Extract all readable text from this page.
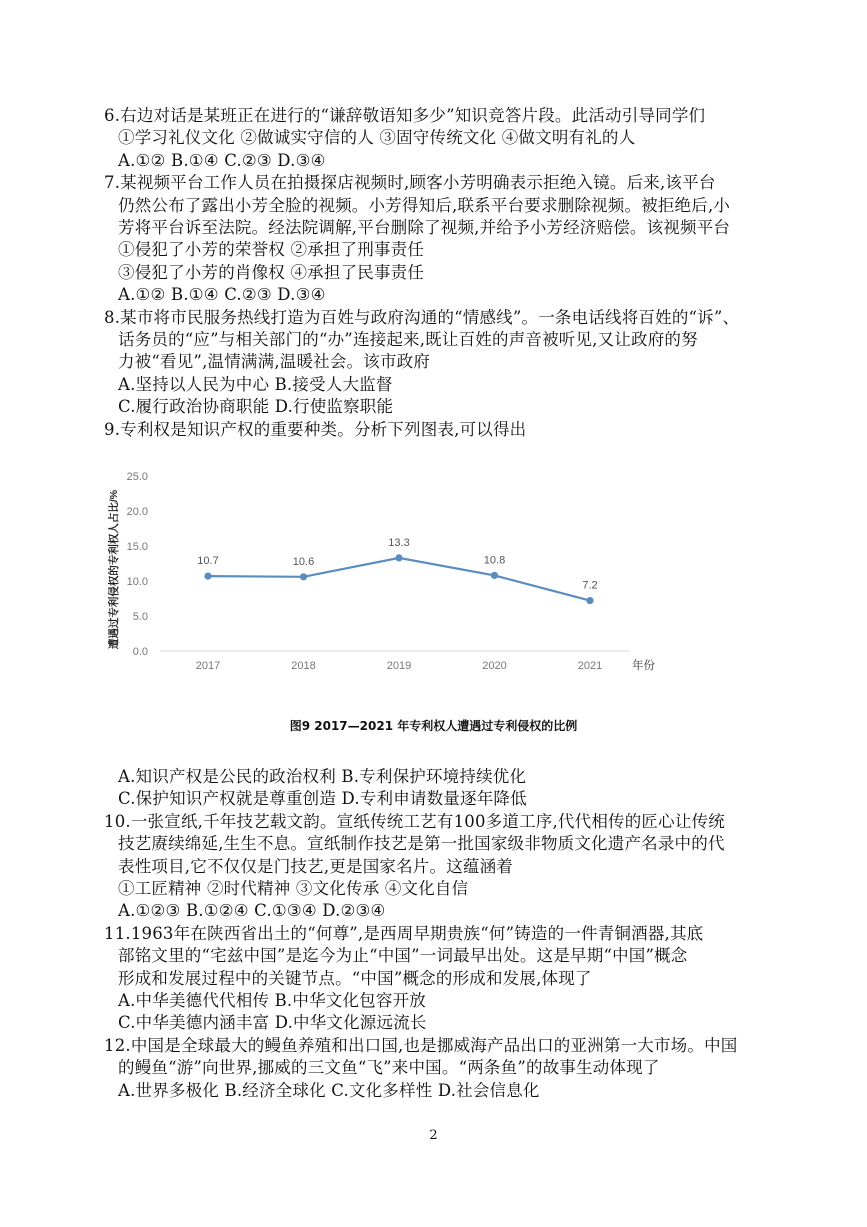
6.右边对话是某班正在进行的“谦辞敬语知多少”知识竞答片段。此活动引导同学们
①学习礼仪文化 ②做诚实守信的人 ③固守传统文化 ④做文明有礼的人
A.①② B.①④ C.②③ D.③④
7.某视频平台工作人员在拍摄探店视频时,顾客小芳明确表示拒绝入镜。后来,该平台
仍然公布了露出小芳全脸的视频。小芳得知后,联系平台要求删除视频。被拒绝后,小
芳将平台诉至法院。经法院调解,平台删除了视频,并给予小芳经济赔偿。该视频平台
①侵犯了小芳的荣誉权 ②承担了刑事责任
③侵犯了小芳的肖像权 ④承担了民事责任
A.①② B.①④ C.②③ D.③④
8.某市将市民服务热线打造为百姓与政府沟通的“情感线”。一条电话线将百姓的“诉”、
话务员的“应”与相关部门的“办”连接起来,既让百姓的声音被听见,又让政府的努
力被“看见”,温情满满,温暖社会。该市政府
A.坚持以人民为中心 B.接受人大监督
C.履行政治协商职能 D.行使监察职能
9.专利权是知识产权的重要种类。分析下列图表,可以得出
0.0
5.0
10.0
15.0
20.0
25.0
2017	2018	2019	2020	2021	年份
遭遇过专利侵权的专利权人占比/%	10.7	10.6
13.3
10.8
7.2
图9 2017—2021 年专利权人遭遇过专利侵权的比例
A.知识产权是公民的政治权利 B.专利保护环境持续优化
C.保护知识产权就是尊重创造 D.专利申请数量逐年降低
10.一张宣纸,千年技艺载文韵。宣纸传统工艺有100多道工序,代代相传的匠心让传统
技艺赓续绵延,生生不息。宣纸制作技艺是第一批国家级非物质文化遗产名录中的代
表性项目,它不仅仅是门技艺,更是国家名片。这蕴涵着
①工匠精神 ②时代精神 ③文化传承 ④文化自信
A.①②③ B.①②④ C.①③④ D.②③④
11.1963年在陕西省出土的“何尊”,是西周早期贵族“何”铸造的一件青铜酒器,其底
部铭文里的“宅兹中国”是迄今为止“中国”一词最早出处。这是早期“中国”概念
形成和发展过程中的关键节点。“中国”概念的形成和发展,体现了
A.中华美德代代相传 B.中华文化包容开放
C.中华美德内涵丰富 D.中华文化源远流长
12.中国是全球最大的鳗鱼养殖和出口国,也是挪威海产品出口的亚洲第一大市场。中国
的鳗鱼“游”向世界,挪威的三文鱼“飞”来中国。“两条鱼”的故事生动体现了
A.世界多极化 B.经济全球化 C.文化多样性 D.社会信息化
2
